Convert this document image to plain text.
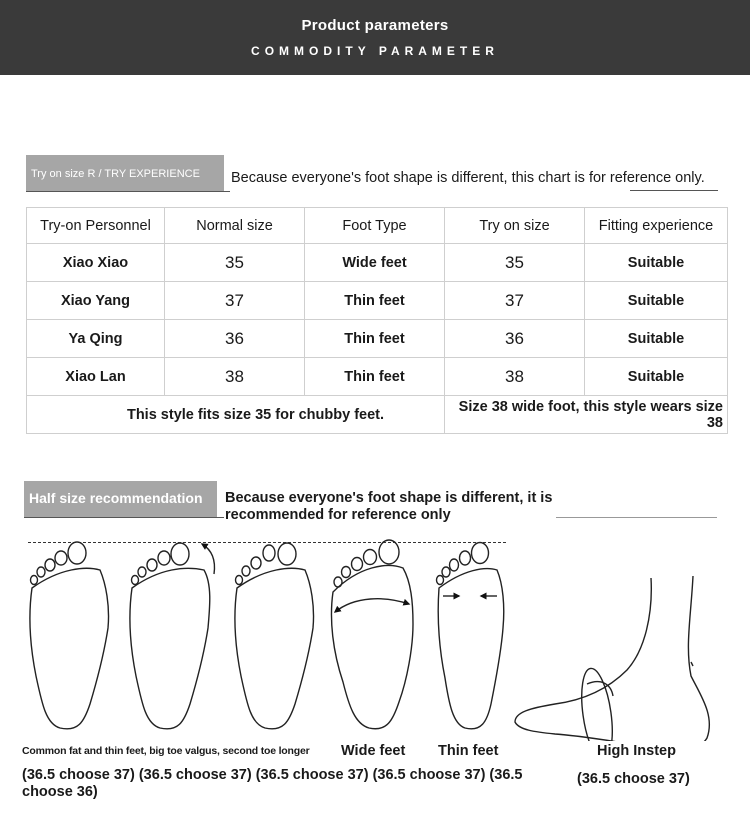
Product parameters
COMMODITY PARAMETER
Try on size R / TRY EXPERIENCE	Because everyone's foot shape is different, this chart is for reference only.
Try-on Personnel	Normal size	Foot Type	Try on size	Fitting experience
Xiao Xiao	35	Wide feet	35	Suitable
Xiao Yang	37	Thin feet	37	Suitable
Ya Qing	36	Thin feet	36	Suitable
Xiao Lan	38	Thin feet	38	Suitable
This style fits size 35 for chubby feet.			Size 38 wide foot, this style wears size 38	
Half size recommendation	Because everyone's foot shape is different, it is recommended for reference only
Common fat and thin feet, big toe valgus, second toe longer Wide feet Thin feet	High Instep
(36.5 choose 37) (36.5 choose 37) (36.5 choose 37) (36.5 choose 37) (36.5 choose 36)
(36.5 choose 37)
